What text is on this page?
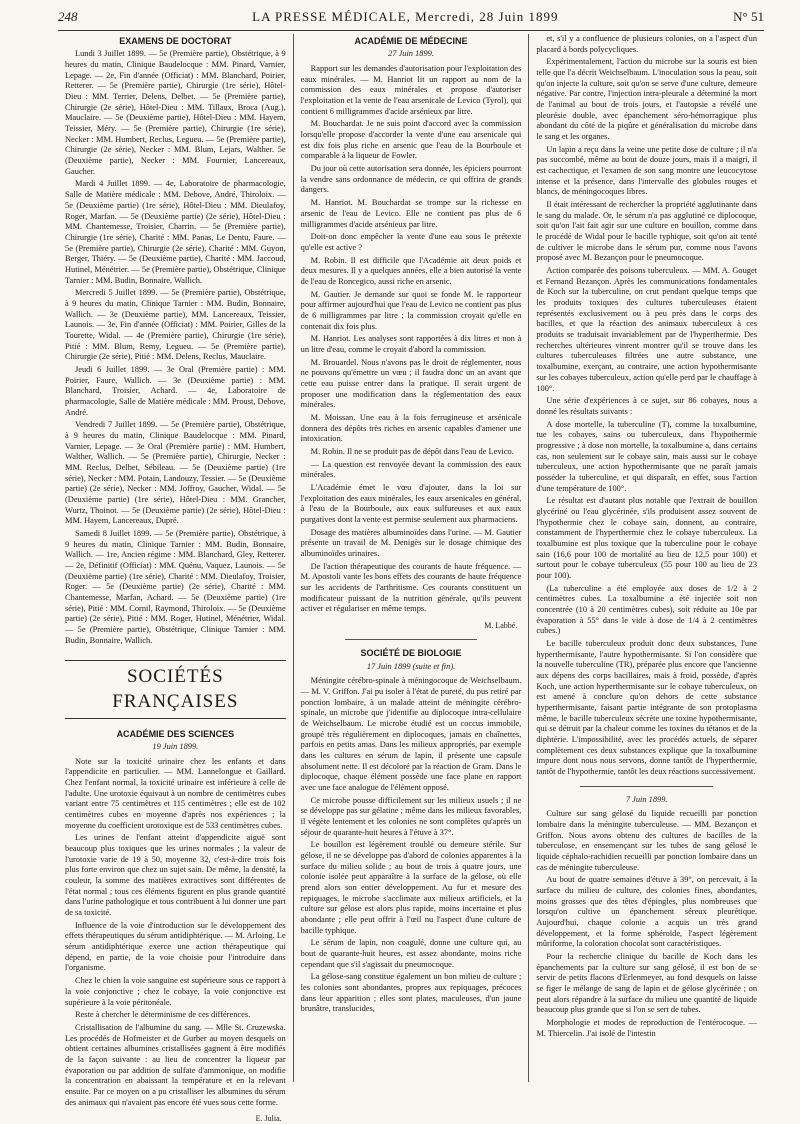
248	LA PRESSE MÉDICALE, Mercredi, 28 Juin 1899	N° 51
EXAMENS DE DOCTORAT

Lundi 3 Juillet 1899. — 5e (Première partie), Obstétrique, à 9 heures du matin, Clinique Baudelocque : MM. Pinard, Varnier, Lepage. — 2e, Fin d'année (Officiat) : MM. Blanchard, Poirier, Retterer. — 5e (Première partie), Chirurgie (1re série), Hôtel-Dieu : MM. Terrier, Delens, Delbet. — 5e (Première partie), Chirurgie (2e série), Hôtel-Dieu : MM. Tillaux, Broca (Aug.), Mauclaire. — 5e (Deuxième partie), Hôtel-Dieu : MM. Hayem, Teissier, Méry. — 5e (Première partie), Chirurgie (1re série), Necker : MM. Humbert, Reclus, Legueu. — 5e (Première partie), Chirurgie (2e série), Necker : MM. Blum, Lejars, Walther. 5e (Deuxième partie), Necker : MM. Fournier, Lancereaux, Gaucher.

Mardi 4 Juillet 1899. — 4e, Laboratoire de pharmacologie, Salle de Matière médicale : MM. Debove, André, Thiroloix. — 5e (Deuxième partie) (1re série), Hôtel-Dieu : MM. Dieulafoy, Roger, Marfan. — 5e (Deuxième partie) (2e série), Hôtel-Dieu : MM. Chantemesse, Troisier, Charrin. — 5e (Première partie), Chirurgie (1re série), Charité : MM. Panas, Le Dentu, Faure. — 5e (Première partie), Chirurgie (2e série), Charité : MM. Guyon, Berger, Thiéry. — 5e (Deuxième partie), Charité : MM. Jaccoud, Hutinel, Ménétrier. — 5e (Première partie), Obstétrique, Clinique Tarnier : MM. Budin, Bonnaire, Wallich.

Mercredi 5 Juillet 1899. — 5e (Première partie), Obstétrique, à 9 heures du matin, Clinique Tarnier : MM. Budin, Bonnaire, Wallich. — 3e (Deuxième partie), MM. Lancereaux, Teissier, Launois. — 3e, Fin d'année (Officiat) : MM. Poirier, Gilles de la Tourette, Widal. — 4e (Première partie), Chirurgie (1re série), Pitié : MM. Blum, Remy, Legueu. — 5e (Première partie), Chirurgie (2e série), Pitié : MM. Delens, Reclus, Mauclaire.

Jeudi 6 Juillet 1899. — 3e Oral (Première partie) : MM. Poirier, Faure, Wallich. — 3e (Deuxième partie) : MM. Blanchard, Troisier, Achard. — 4e, Laboratoire de pharmacologie, Salle de Matière médicale : MM. Proust, Debove, André.

Vendredi 7 Juillet 1899. — 5e (Première partie), Obstétrique, à 9 heures du matin, Clinique Baudelocque : MM. Pinard, Varnier, Lepage. — 3e Oral (Première partie) : MM. Humbert, Walther, Wallich. — 5e (Première partie), Chirurgie, Necker : MM. Reclus, Delbet, Sébileau. — 5e (Deuxième partie) (1re série), Necker : MM. Potain, Landouzy, Tessier. — 5e (Deuxième partie) (2e série), Necker : MM. Joffroy, Gaucher, Widal. — 5e (Deuxième partie) (1re série), Hôtel-Dieu : MM. Grancher, Wurtz, Thoinot. — 5e (Deuxième partie) (2e série), Hôtel-Dieu : MM. Hayem, Lancereaux, Dupré.

Samedi 8 Juillet 1899. — 5e (Première partie), Obstétrique, à 9 heures du matin, Clinique Tarnier : MM. Budin, Bonnaire, Wallich. — 1re, Ancien régime : MM. Blanchard, Gley, Retterer. — 2e, Définitif (Officiat) : MM. Quénu, Vaquez, Launois. — 5e (Deuxième partie) (1re série), Charité : MM. Dieulafoy, Troisier, Roger. — 5e (Deuxième partie) (2e série), Charité : MM. Chantemesse, Marfan, Achard. — 5e (Deuxième partie) (1re série), Pitié : MM. Cornil, Raymond, Thiroloix. — 5e (Deuxième partie) (2e série), Pitié : MM. Roger, Hutinel, Ménétrier, Widal. — 5e (Première partie), Obstétrique, Clinique Tarnier : MM. Budin, Bonnaire, Wallich.

SOCIÉTÉS FRANÇAISES
ACADÉMIE DES SCIENCES
19 Juin 1899.

Note sur la toxicité urinaire chez les enfants et dans l'appendicite en particulier. — MM. Lannelongue et Gaillard. Chez l'enfant normal, la toxicité urinaire est inférieure à celle de l'adulte. Une urotoxie équivaut à un nombre de centimètres cubes variant entre 75 centimètres et 115 centimètres ; elle est de 102 centimètres cubes en moyenne d'après nos expériences ; la moyenne du coefficient urotoxique est de 533 centimètres cubes.

Les urines de l'enfant atteint d'appendicite aiguë sont beaucoup plus toxiques que les urines normales ; la valeur de l'urotoxie varie de 19 à 50, moyenne 32, c'est-à-dire trois fois plus forte environ que chez un sujet sain. De même, la densité, la couleur, la somme des matières extractives sont différentes de l'état normal ; tous ces éléments figurent en plus grande quantité dans l'urine pathologique et tous contribuent à lui donner une part de sa toxicité.

Influence de la voie d'introduction sur le développement des effets thérapeutiques du sérum antidiphtérique. — M. Arloing. Le sérum antidiphtérique exerce une action thérapeutique qui dépend, en partie, de la voie choisie pour l'introduire dans l'organisme.

Chez le chien la voie sanguine est supérieure sous ce rapport à la voie conjonctive ; chez le cobaye, la voie conjonctive est supérieure à la voie péritonéale.

Reste à chercher le déterminisme de ces différences.

Cristallisation de l'albumine du sang. — Mlle St. Cruzewska. Les procédés de Hofmeister et de Gurber au moyen desquels on obtient certaines albumines cristallisées gagnent à être modifiés de la façon suivante : au lieu de concentrer la liqueur par évaporation ou par addition de sulfate d'ammonique, on modifie la concentration en abaissant la température et en la relevant ensuite. Par ce moyen on a pu cristalliser les albumines du sérum des animaux qui n'avaient pas encore été vues sous cette forme.

E. Julia.
ACADÉMIE DE MÉDECINE
27 Juin 1899.

Rapport sur les demandes d'autorisation pour l'exploitation des eaux minérales. — M. Hanriot lit un rapport au nom de la commission des eaux minérales et propose d'autoriser l'exploitation et la vente de l'eau arsenicale de Levico (Tyrol), qui contient 6 milligrammes d'acide arsénieux par litre.

M. Bouchardat. Je ne suis point d'accord avec la commission lorsqu'elle propose d'accorder la vente d'une eau arsenicale qui est dix fois plus riche en arsenic que l'eau de la Bourboule et comparable à la liqueur de Fowler.

Du jour où cette autorisation sera donnée, les épiciers pourront la vendre sans ordonnance de médecin, ce qui offrira de grands dangers.

M. Hanriot. M. Bouchardat se trompe sur la richesse en arsenic de l'eau de Levico. Elle ne contient pas plus de 6 milligrammes d'acide arsénieux par litre.

Doit-on donc empêcher la vente d'une eau sous le prétexte qu'elle est active ?

M. Robin. Il est difficile que l'Académie ait deux poids et deux mesures. Il y a quelques années, elle a bien autorisé la vente de l'eau de Roncegico, aussi riche en arsenic.

M. Gautier. Je demande sur quoi se fonde M. le rapporteur pour affirmer aujourd'hui que l'eau de Levico ne contient pas plus de 6 milligrammes par litre ; la commission croyait qu'elle en contenait dix fois plus.

M. Hanriot. Les analyses sont rapportées à dix litres et non à un litre d'eau, comme le croyait d'abord la commission.

M. Brouardel. Nous n'avons pas le droit de réglementer, nous ne pouvons qu'émettre un vœu ; il faudra donc un an avant que cette eau puisse entrer dans la pratique. Il serait urgent de proposer une modification dans la réglementation des eaux minérales.

M. Moissan. Une eau à la fois ferrugineuse et arsénicale donnera des dépôts très riches en arsenic capables d'amener une intoxication.

M. Robin. Il ne se produit pas de dépôt dans l'eau de Levico.

— La question est renvoyée devant la commission des eaux minérales.

L'Académie émet le vœu d'ajouter, dans la loi sur l'exploitation des eaux minérales, les eaux arsenicales en général, à l'eau de la Bourboule, aux eaux sulfureuses et aux eaux purgatives dont la vente est permise seulement aux pharmaciens.

Dosage des matières albuminoïdes dans l'urine. — M. Gautier présente un travail de M. Denigès sur le dosage chimique des albuminoïdes urinaires.

De l'action thérapeutique des courants de haute fréquence. — M. Apostoli vante les bons effets des courants de haute fréquence sur les accidents de l'arthritisme. Ces courants constituent un modificateur puissant de la nutrition générale, qu'ils peuvent activer et régulariser en même temps.

M. Labbé.
SOCIÉTÉ DE BIOLOGIE
17 Juin 1899 (suite et fin).

Méningite cérébro-spinale à méningocoque de Weichselbaum. — M. V. Griffon. J'ai pu isoler à l'état de pureté, du pus retiré par ponction lombaire, à un malade atteint de méningite cérébro-spinale, un microbe que j'identifie au diplocoque intra-cellulaire de Weichselbaum. Le microbe étudié est un coccus immobile, groupé très régulièrement en diplocoques, jamais en chaînettes, parfois en petits amas. Dans les milieux appropriés, par exemple dans les cultures en sérum de lapin, il présente une capsule absolument nette. Il est décoloré par la réaction de Gram. Dans le diplocoque, chaque élément possède une face plane en rapport avec une face analogue de l'élément opposé.

Ce microbe pousse difficilement sur les milieux usuels ; il ne se développe pas sur gélatine ; même dans les milieux favorables, il végète lentement et les colonies ne sont complètes qu'après un séjour de quarante-huit heures à l'étuve à 37°.

Le bouillon est légèrement troublé ou demeure stérile. Sur gélose, il ne se développe pas d'abord de colonies apparentes à la surface du milieu solide ; au bout de trois à quatre jours, une colonie isolée peut apparaître à la surface de la gélose, où elle prend alors son entier développement. Au fur et mesure des repiquages, le microbe s'acclimate aux milieux artificiels, et la culture sur gélose est alors plus rapide, moins incertaine et plus abondante ; elle peut offrir à l'œil nu l'aspect d'une culture de bacille typhique.

Le sérum de lapin, non coagulé, donne une culture qui, au bout de quarante-huit heures, est assez abondante, moins riche cependant que s'il s'agissait du pneumocoque.

La gélose-sang constitue également un bon milieu de culture ; les colonies sont abondantes, propres aux repiquages, précoces dans leur apparition ; elles sont plates, maculeuses, d'un jaune brunâtre, translucides,

et, s'il y a confluence de plusieurs colonies, on a l'aspect d'un placard à bords polycycliques.

Expérimentalement, l'action du microbe sur la souris est bien telle que l'a décrit Weichselbaum. L'inoculation sous la peau, soit qu'on injecte la culture, soit qu'on se serve d'une culture, demeure négative. Par contre, l'injection intra-pleurale a déterminé la mort de l'animal au bout de trois jours, et l'autopsie a révélé une pleurésie double, avec épanchement séro-hémorragique plus abondant du côté de la piqûre et généralisation du microbe dans le sang et les organes.

Un lapin a reçu dans la veine une petite dose de culture ; il n'a pas succombé, même au bout de douze jours, mais il a maigri, il est cachectique, et l'examen de son sang montre une leucocytose intense et la présence, dans l'intervalle des globules rouges et blancs, de méningocoques libres.

Il était intéressant de rechercher la propriété agglutinante dans le sang du malade. Or, le sérum n'a pas agglutiné ce diplocoque, soit qu'on l'ait fait agir sur une culture en bouillon, comme dans le procédé de Widal pour le bacille typhique, soit qu'on ait tenté de cultiver le microbe dans le sérum pur, comme nous l'avons proposé avec M. Bezançon pour le pneumocoque.

Action comparée des poisons tuberculeux. — MM. A. Gouget et Fernand Bezançon. Après les communications fondamentales de Koch sur la tuberculine, on crut pendant quelque temps que les produits toxiques des cultures tuberculeuses étaient représentés exclusivement ou à peu près dans le corps des bacilles, et que la réaction des animaux tuberculeux à ces produits se traduisait invariablement par de l'hyperthermie. Des recherches ultérieures vinrent montrer qu'il se trouve dans les cultures tuberculeuses filtrées une autre substance, une toxalbumine, exerçant, au contraire, une action hypothermisante sur les cobayes tuberculeux, action qu'elle perd par le chauffage à 100°.

Une série d'expériences à ce sujet, sur 86 cobayes, nous a donné les résultats suivants :

A dose mortelle, la tuberculine (T), comme la toxalbumine, tue les cobayes, sains ou tuberculeux, dans l'hypothermie progressive ; à dose non mortelle, la toxalbumine a, dans certains cas, non seulement sur le cobaye sain, mais aussi sur le cobaye tuberculeux, une action hypothermisante que ne paraît jamais posséder la tuberculine, et qui disparaît, en effet, sous l'action d'une température de 100°.

Le résultat est d'autant plus notable que l'extrait de bouillon glycériné ou l'eau glycérinée, s'ils produisent assez souvent de l'hypothermie chez le cobaye sain, donnent, au contraire, constamment de l'hyperthermie chez le cobaye tuberculeux. La toxalbumine est plus toxique que la tuberculine pour le cobaye sain (16,6 pour 100 de mortalité au lieu de 12,5 pour 100) et surtout pour le cobaye tuberculeux (55 pour 100 au lieu de 23 pour 100).

(La tuberculine a été employée aux doses de 1/2 à 2 centimètres cubes. La toxalbumine a été injectée soit non concentrée (10 à 20 centimètres cubes), soit réduite au 10e par évaporation à 55° dans le vide à dose de 1/4 à 2 centimètres cubes.)

Le bacille tuberculeux produit donc deux substances, l'une hyperthermisante, l'autre hypothermisante. Si l'on considère que la nouvelle tuberculine (TR), préparée plus encore que l'ancienne aux dépens des corps bacillaires, mais à froid, possède, d'après Koch, une action hyperthermisante sur le cobaye tuberculeux, on est amené à conclure qu'on dehors de cette substance hyperthermisante, faisant partie intégrante de son protoplasma même, le bacille tuberculeux sécrète une toxine hypothermisante, qui se détruit par la chaleur comme les toxines du tétanos et de la diphtérie. L'impossibilité, avec les procédés actuels, de séparer complètement ces deux substances explique que la toxalbumine impure dont nous nous servons, donne tantôt de l'hyperthermie, tantôt de l'hypothermie, tantôt les deux réactions successivement.

7 Juin 1899.

Culture sur sang gélosé du liquide recueilli par ponction lombaire dans la méningite tuberculeuse. — MM. Bezançon et Griffon. Nous avons obtenu des cultures de bacilles de la tuberculose, en ensemençant sur les tubes de sang gélosé le liquide céphalo-rachidien recueilli par ponction lombaire dans un cas de méningite tuberculeuse.

Au bout de quatre semaines d'étuve à 39°, on percevait, à la surface du milieu de culture, des colonies fines, abondantes, moins grosses que des têtes d'épingles, plus nombreuses que lorsqu'on cultive un épanchement séreux pleurétique. Aujourd'hui, chaque colonie a acquis un très grand développement, et la forme sphéroïde, l'aspect légèrement mûriforme, la coloration chocolat sont caractéristiques.

Pour la recherche clinique du bacille de Koch dans les épanchements par la culture sur sang gélosé, il est bon de se servir de petits flacons d'Erlenmeyer, au fond desquels on laisse se figer le mélange de sang de lapin et de gélose glycérinée ; on peut alors répandre à la surface du milieu une quantité de liquide beaucoup plus grande que si l'on se sert de tubes.

Morphologie et modes de reproduction de l'entérocoque. — M. Thiercelin. J'ai isolé de l'intestin
